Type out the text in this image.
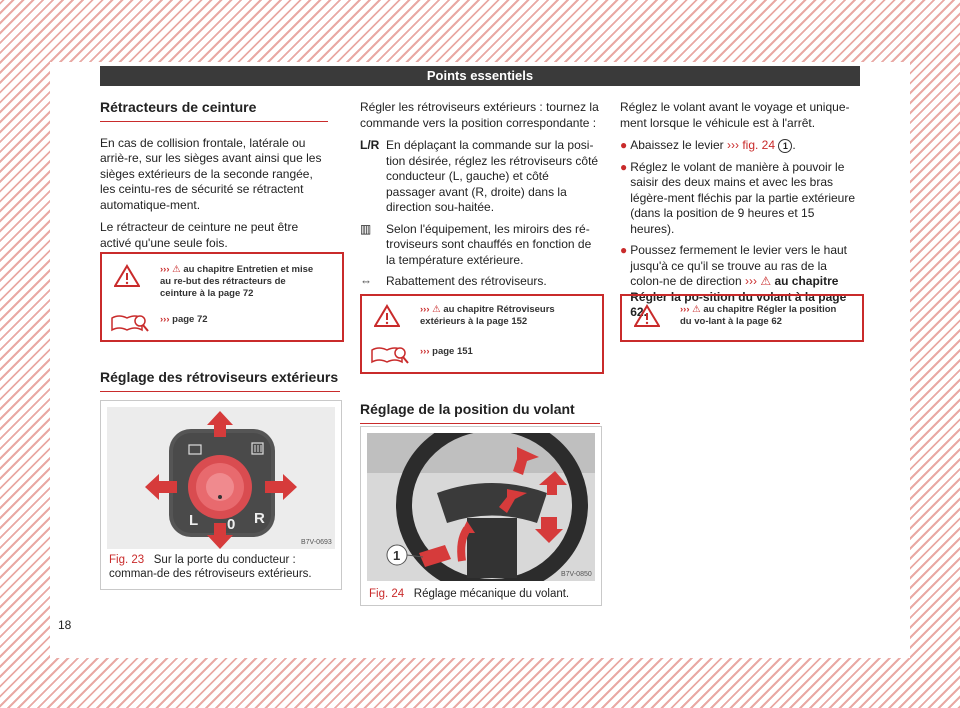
Points essentiels
Rétracteurs de ceinture

En cas de collision frontale, latérale ou arriè-re, sur les sièges avant ainsi que les sièges extérieurs de la seconde rangée, les ceintu-res de sécurité se rétractent automatique-ment.

Le rétracteur de ceinture ne peut être activé qu'une seule fois.

››› ⚠ au chapitre Entretien et mise au re-but des rétracteurs de ceinture à la page 72
››› page 72
Réglage des rétroviseurs extérieurs
L 0 R
B7V-0693
Fig. 23 Sur la porte du conducteur : comman-de des rétroviseurs extérieurs.

Régler les rétroviseurs extérieurs : tournez la commande vers la position correspondante :

L/R En déplaçant la commande sur la posi-tion désirée, réglez les rétroviseurs côté conducteur (L, gauche) et côté passager avant (R, droite) dans la direction sou-haitée.
▥	Selon l'équipement, les miroirs des ré-troviseurs sont chauffés en fonction de la température extérieure.
⇔	Rabattement des rétroviseurs.
››› ⚠ au chapitre Rétroviseurs extérieurs à la page 152
››› page 151
Réglage de la position du volant
1
B7V-0850
Fig. 24 Réglage mécanique du volant.

Réglez le volant avant le voyage et unique-ment lorsque le véhicule est à l'arrêt.

● Abaissez le levier ››› fig. 24 1 .
● Réglez le volant de manière à pouvoir le saisir des deux mains et avec les bras légère-ment fléchis par la partie extérieure (dans la position de 9 heures et 15 heures).
● Poussez fermement le levier vers le haut jusqu'à ce qu'il se trouve au ras de la colon-ne de direction ››› ⚠ au chapitre Régler la po-sition du volant à la page 62.	››› ⚠ au chapitre Régler la position du vo-lant à la page 62
18
